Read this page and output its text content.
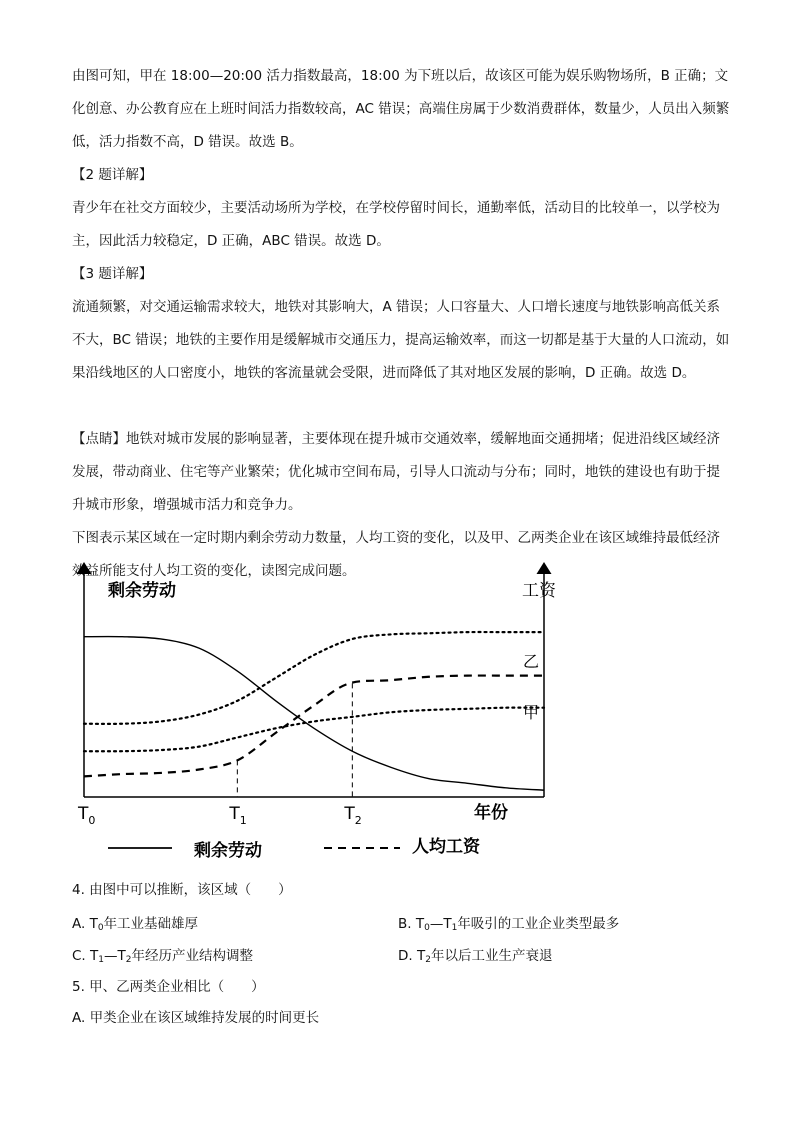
由图可知，甲在 18:00—20:00 活力指数最高，18:00 为下班以后，故该区可能为娱乐购物场所，B 正确；文化创意、办公教育应在上班时间活力指数较高，AC 错误；高端住房属于少数消费群体，数量少，人员出入频繁低，活力指数不高，D 错误。故选 B。

【2 题详解】

青少年在社交方面较少，主要活动场所为学校，在学校停留时间长，通勤率低，活动目的比较单一，以学校为主，因此活力较稳定，D 正确，ABC 错误。故选 D。

【3 题详解】

流通频繁，对交通运输需求较大，地铁对其影响大，A 错误；人口容量大、人口增长速度与地铁影响高低关系不大，BC 错误；地铁的主要作用是缓解城市交通压力，提高运输效率，而这一切都是基于大量的人口流动，如果沿线地区的人口密度小，地铁的客流量就会受限，进而降低了其对地区发展的影响，D 正确。故选 D。

【点睛】地铁对城市发展的影响显著，主要体现在提升城市交通效率，缓解地面交通拥堵；促进沿线区域经济发展，带动商业、住宅等产业繁荣；优化城市空间布局，引导人口流动与分布；同时，地铁的建设也有助于提升城市形象，增强城市活力和竞争力。

下图表示某区域在一定时期内剩余劳动力数量，人均工资的变化，以及甲、乙两类企业在该区域维持最低经济效益所能支付人均工资的变化，读图完成问题。

剩余劳动	工资
年份
$T_0$	$T_1$	$T_2$
乙
甲
剩余劳动	人均工资
4. 由图中可以推断，该区域（　　）
A. $T_0$年工业基础雄厚	B. $T_0—T_1$年吸引的工业企业类型最多
C. $T_1—T_2$年经历产业结构调整	D. $T_2$年以后工业生产衰退
5. 甲、乙两类企业相比（　　）
A. 甲类企业在该区域维持发展的时间更长
